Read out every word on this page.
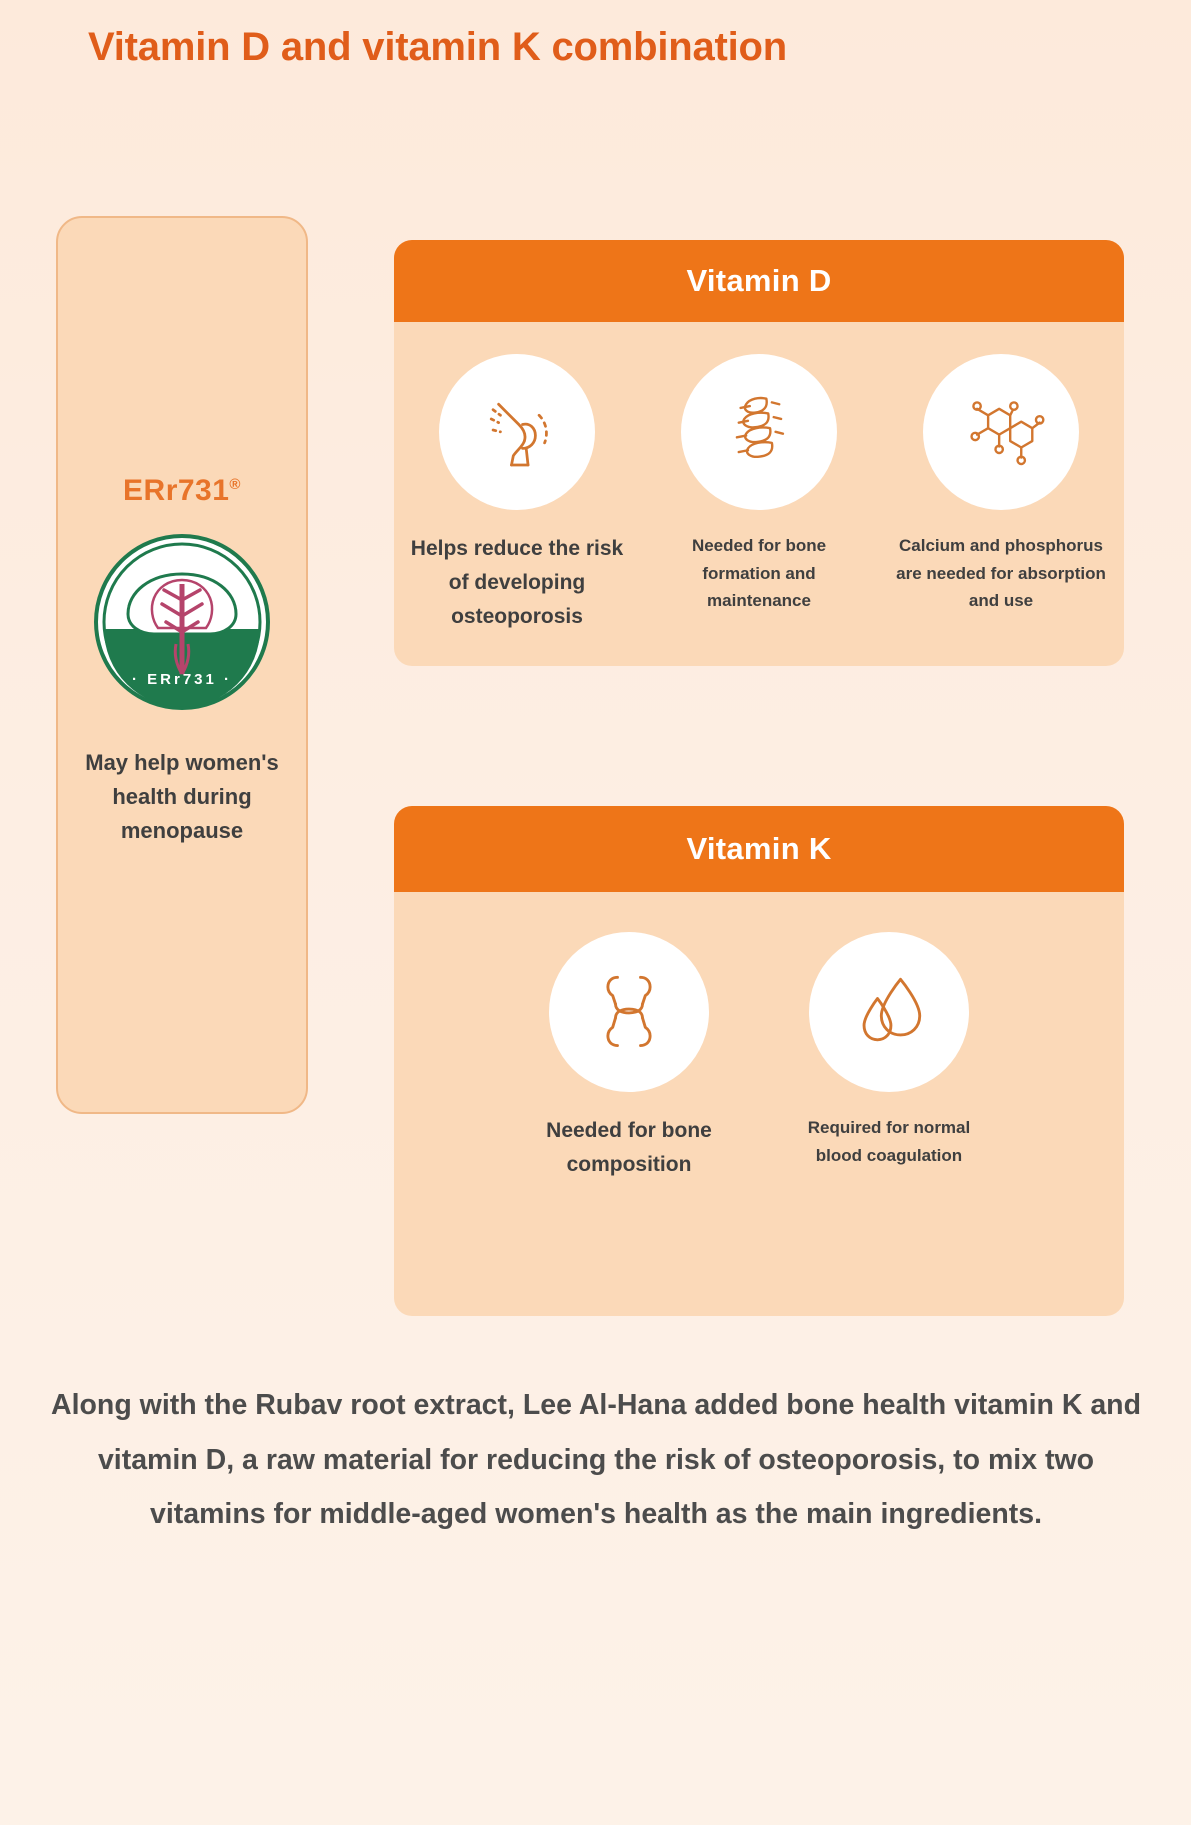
Vitamin D and vitamin K combination
ERr731®
· ERr731 ·
May help women's health during menopause
Vitamin D
Helps reduce the risk of developing osteoporosis
Needed for bone formation and maintenance
Calcium and phosphorus are needed for absorption and use
Vitamin K
Needed for bone composition
Required for normal blood coagulation
Along with the Rubav root extract, Lee Al-Hana added bone health vitamin K and vitamin D, a raw material for reducing the risk of osteoporosis, to mix two vitamins for middle-aged women's health as the main ingredients.
